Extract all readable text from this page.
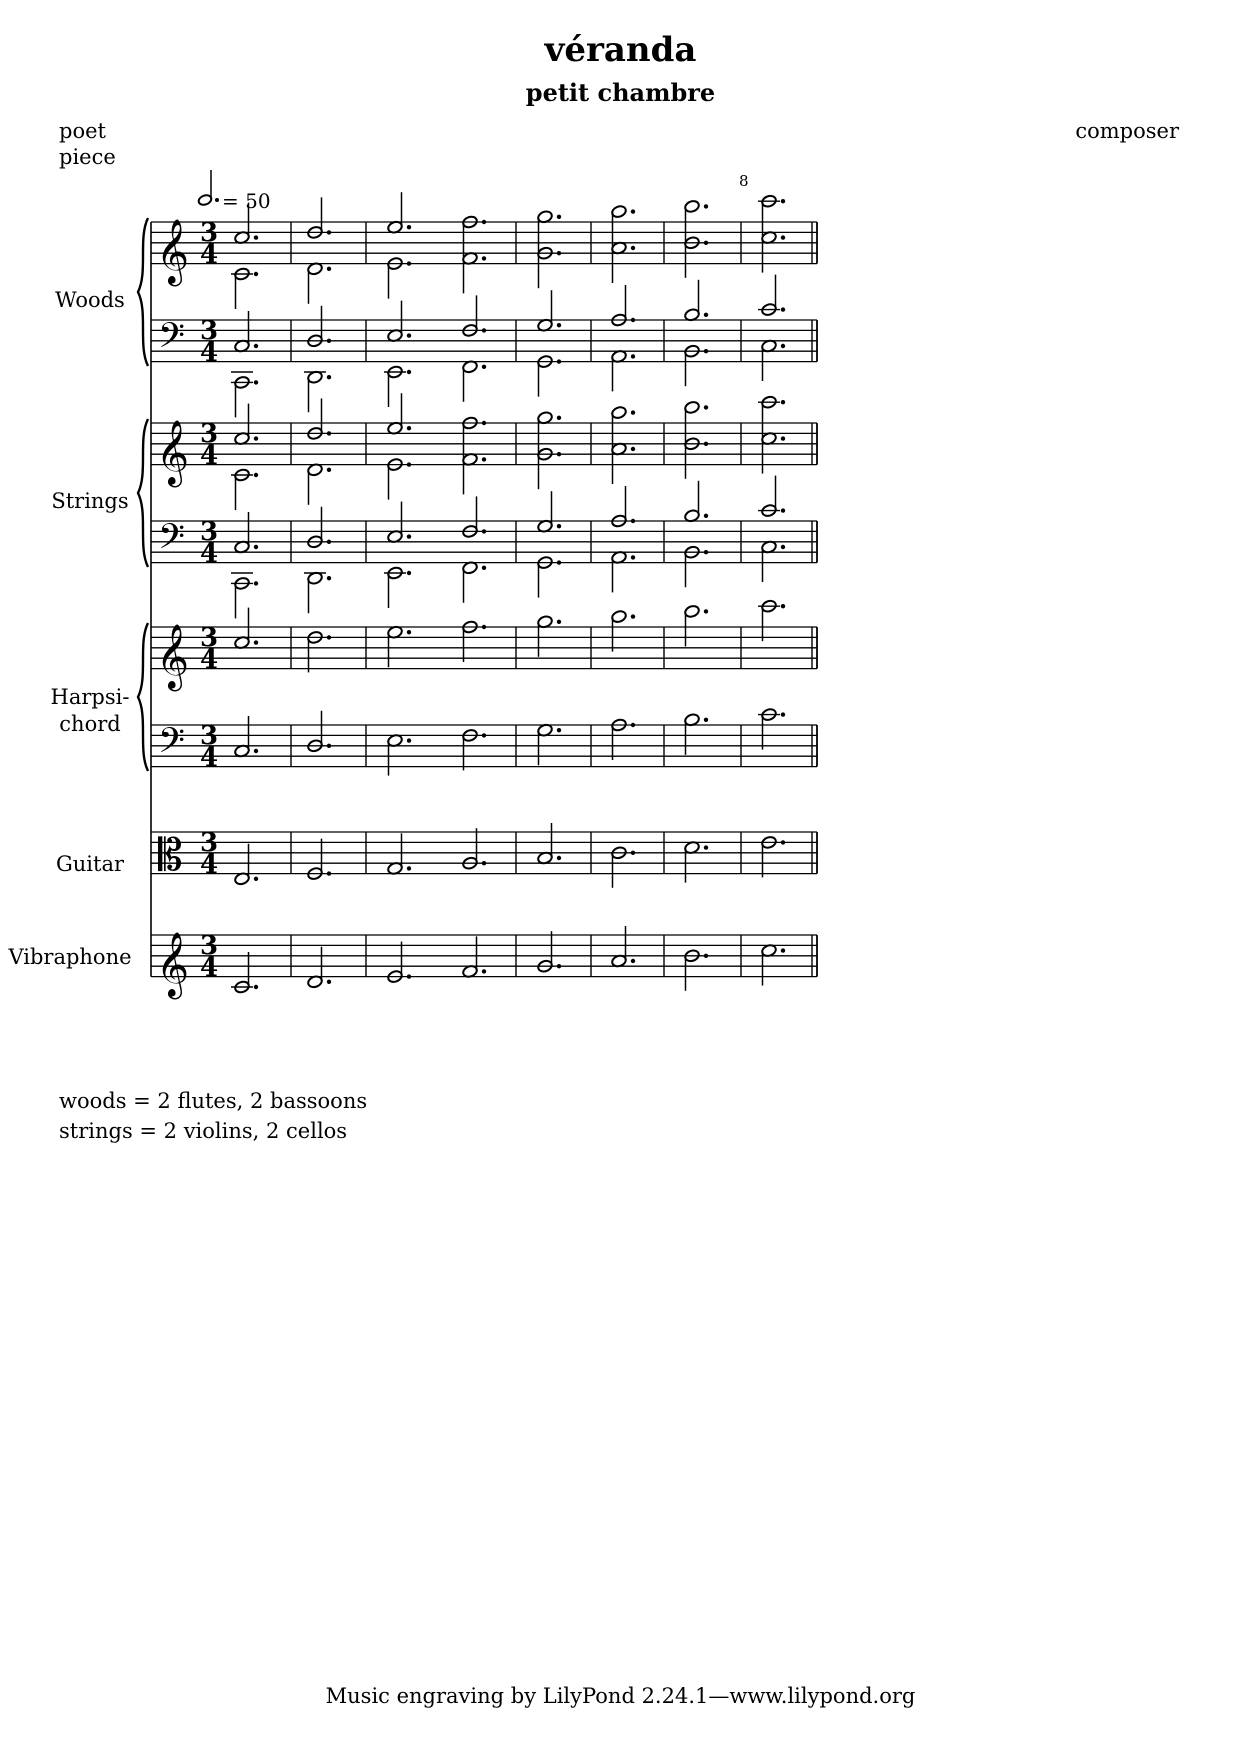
véranda
petit chambre
poet
piece
composer
Woods
Strings
Harpsi-
chord
Guitar
Vibraphone
= 50
𝄞 3
4
𝄢 3
4
𝄞 3
4
𝄢 3
4
𝄞 3
4
𝄢 3
4
𝄡 3
4
𝄞 3
4
8
woods = 2 flutes, 2 bassoons
strings = 2 violins, 2 cellos
Music engraving by LilyPond 2.24.1—www.lilypond.org
